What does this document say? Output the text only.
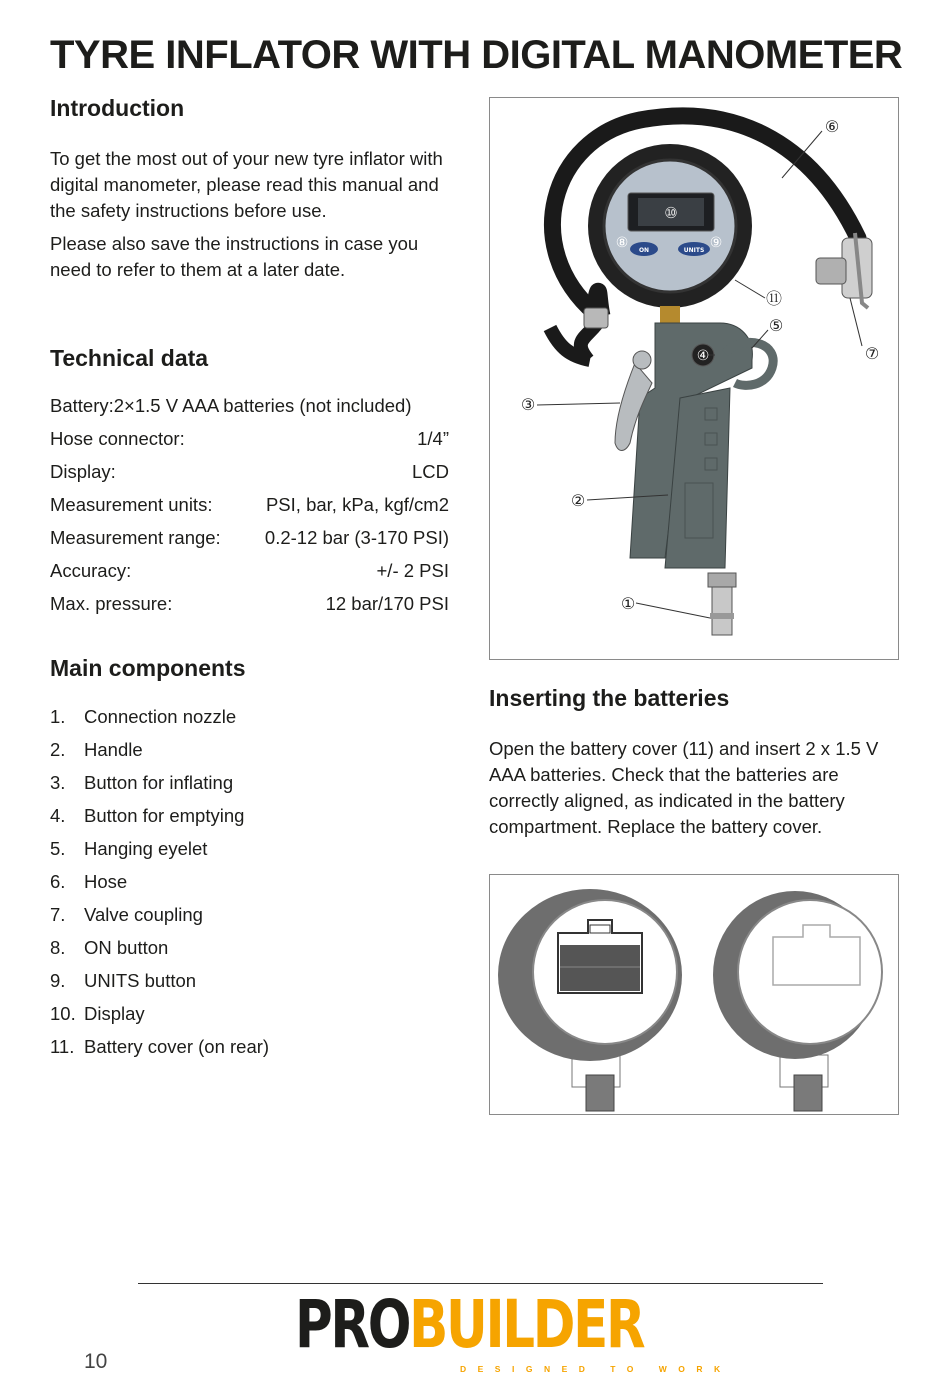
TYRE INFLATOR WITH DIGITAL MANOMETER
Introduction

To get the most out of your new tyre inflator with digital manometer, please read this manual and the safety instructions before use.

Please also save the instructions in case you need to refer to them at a later date.

Technical data
Battery:2×1.5 V AAA batteries (not included)
Hose connector:	1/4”
Display:	LCD
Measurement units:	PSI, bar, kPa, kgf/cm2
Measurement range: 0.2-12 bar (3-170 PSI)
Accuracy:	+/- 2 PSI
Max. pressure:	12 bar/170 PSI
Main components
1.	Connection nozzle
2.	Handle
3.	Button for inflating
4.	Button for emptying
5.	Hanging eyelet
6.	Hose
7.	Valve coupling
8.	ON button
9.	UNITS button
10. Display
11. Battery cover (on rear)
ON	UNITS
①
②
③
④
⑤
⑥
⑦
⑧	⑨
⑩
⑪
Inserting the batteries

Open the battery cover (11) and insert 2 x 1.5 V AAA batteries. Check that the batteries are correctly aligned, as indicated in the battery compartment. Replace the battery cover.

PROBUILDER
DESIGNED TO WORK
10
